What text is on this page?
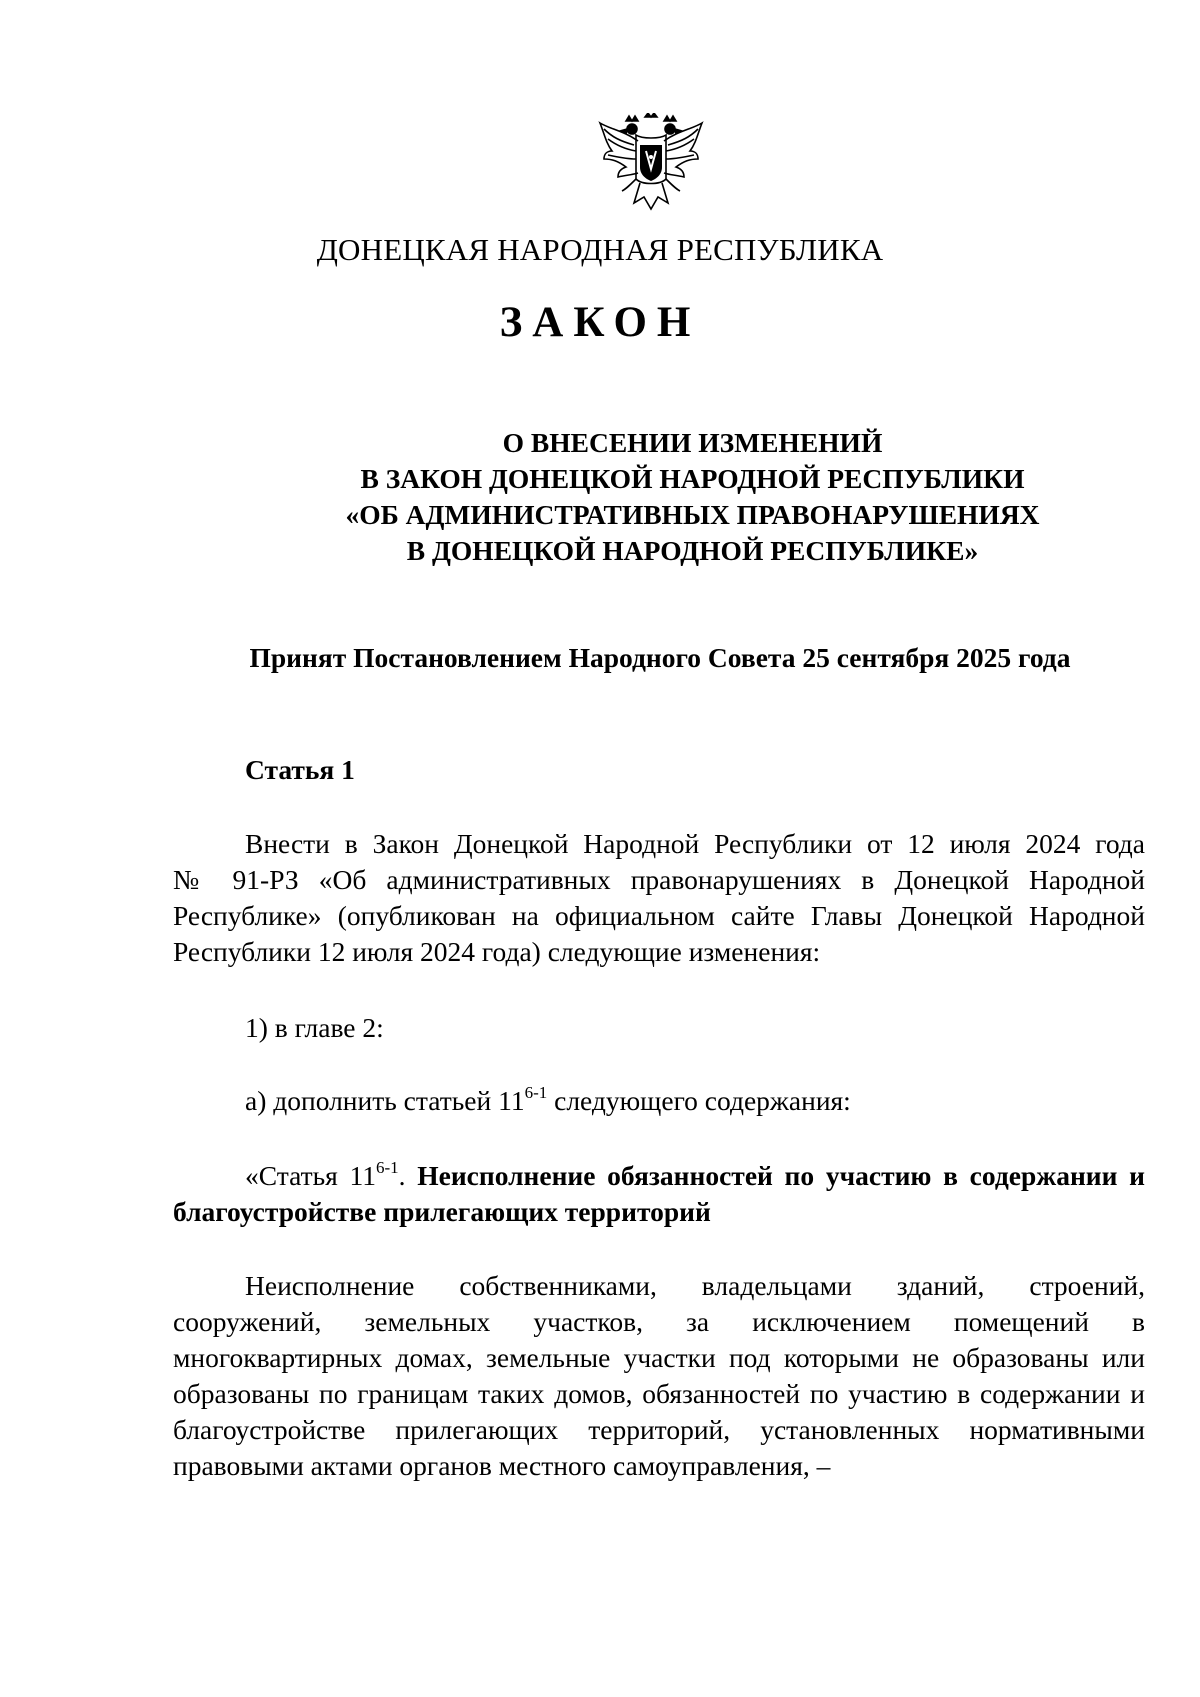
ДОНЕЦКАЯ НАРОДНАЯ РЕСПУБЛИКА
ЗАКОН
О ВНЕСЕНИИ ИЗМЕНЕНИЙ
В ЗАКОН ДОНЕЦКОЙ НАРОДНОЙ РЕСПУБЛИКИ
«ОБ АДМИНИСТРАТИВНЫХ ПРАВОНАРУШЕНИЯХ
В ДОНЕЦКОЙ НАРОДНОЙ РЕСПУБЛИКЕ»
Принят Постановлением Народного Совета 25 сентября 2025 года
Статья 1
Внести в Закон Донецкой Народной Республики от 12 июля 2024 года
№ 91-РЗ «Об административных правонарушениях в Донецкой Народной
Республике» (опубликован на официальном сайте Главы Донецкой Народной
Республики 12 июля 2024 года) следующие изменения:
1) в главе 2:
а) дополнить статьей 11$^{6-1}$ следующего содержания:
«Статья 11$^{6-1}$. Неисполнение обязанностей по участию в содержании и
благоустройстве прилегающих территорий
Неисполнение собственниками, владельцами зданий, строений,
сооружений, земельных участков, за исключением помещений в
многоквартирных домах, земельные участки под которыми не образованы или
образованы по границам таких домов, обязанностей по участию в содержании и
благоустройстве прилегающих территорий, установленных нормативными
правовыми актами органов местного самоуправления, –
